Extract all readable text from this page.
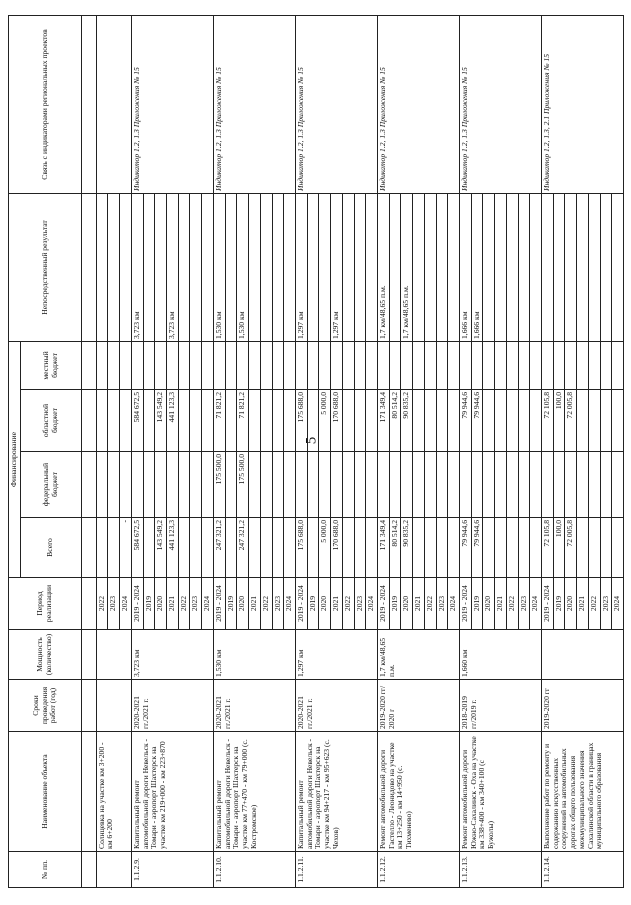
5
№ пп.	Наименование объекта	Сроки проведения работ (год)	Мощность (количество)	Период реализации	Финансирование				Непосредственный результат	Связь с индикаторами региональных проектов
					Всего	федеральный бюджет	областной бюджет	местный бюджет		

	Солнцевка на участке км 3+200 - км 6+200			2022						
				2023						
				2024	-					
1.1.2.9.	Капитальный ремонт автомобильной дороги Невельск - Томари - аэропорт Шахтерск на участке км 219+000 - км 223+870	2020-2021 гг./2021 г.	3,723 км	2019 - 2024	584 672,5		584 672,5		3,723 км	Индикатор 1.2, 1.3 Приложения № 15
				2019						
				2020	143 549,2		143 549,2			
				2021	441 123,3		441 123,3		3,723 км	
				2022						
				2023						
				2024						
1.1.2.10.	Капитальный ремонт автомобильной дороги Невельск - Томари - аэропорт Шахтерск на участке км 77+470 - км 79+000 (с. Костромское)	2020-2021 гг./2021 г.	1,530 км	2019 - 2024	247 321,2	175 500,0	71 821,2		1,530 км	Индикатор 1.2, 1.3 Приложения № 15
				2019						
				2020	247 321,2	175 500,0	71 821,2		1,530 км	
				2021						
				2022						
				2023						
				2024						
1.1.2.11.	Капитальный ремонт автомобильной дороги Невельск - Томари - аэропорт Шахтерск на участке км 94+217 - км 95+623 (с. Чехов)	2020-2021 гг./2021 г.	1,297 км	2019 - 2024	175 688,0		175 688,0		1,297 км	Индикатор 1.2, 1.3 Приложения № 15
				2019						
				2020	5 000,0		5 000,0			
				2021	170 688,0		170 688,0		1,297 км	
				2022						
				2023						
				2024						
1.1.2.12.	Ремонт автомобильной дороги Гастелло - Леонидово на участке км 13+250 - км 14+950 (с. Тихменево)	2019-2020 гг/ 2020 г	1,7 км/48,65 п.м.	2019 - 2024	171 349,4		171 349,4		1,7 км/48,65 п.м.	Индикатор 1.2, 1.3 Приложения № 15
				2019	80 514,2		80 514,2			
				2020	90 835,2		90 835,2		1,7 км/48,65 п.м.	
				2021						
				2022						
				2023						
				2024						
1.1.2.13.	Ремонт автомобильной дороги Южно-Сахалинск - Оха на участке км 338+400 - км 340+100 (с Бужолы)	2018-2019 гг/2019 г.	1,660 км	2019 - 2024	79 944,6		79 944,6		1,666 км	Индикатор 1.2, 1.3 Приложения № 15
				2019	79 944,6		79 944,6		1,666 км	
				2020						
				2021						
				2022						
				2023						
				2024						
1.1.2.14.	Выполнение работ по ремонту и содержанию искусственных сооружений на автомобильных дорогах общего пользования межмуниципального значения Сахалинской области в границах муниципального образования	2019-2020 гг		2019 - 2024	72 105,8		72 105,8			Индикатор 1.2, 1.3, 2.1 Приложения № 15
				2019	100,0		100,0			
				2020	72 005,8		72 005,8			
				2021						
				2022						
				2023						
				2024						
